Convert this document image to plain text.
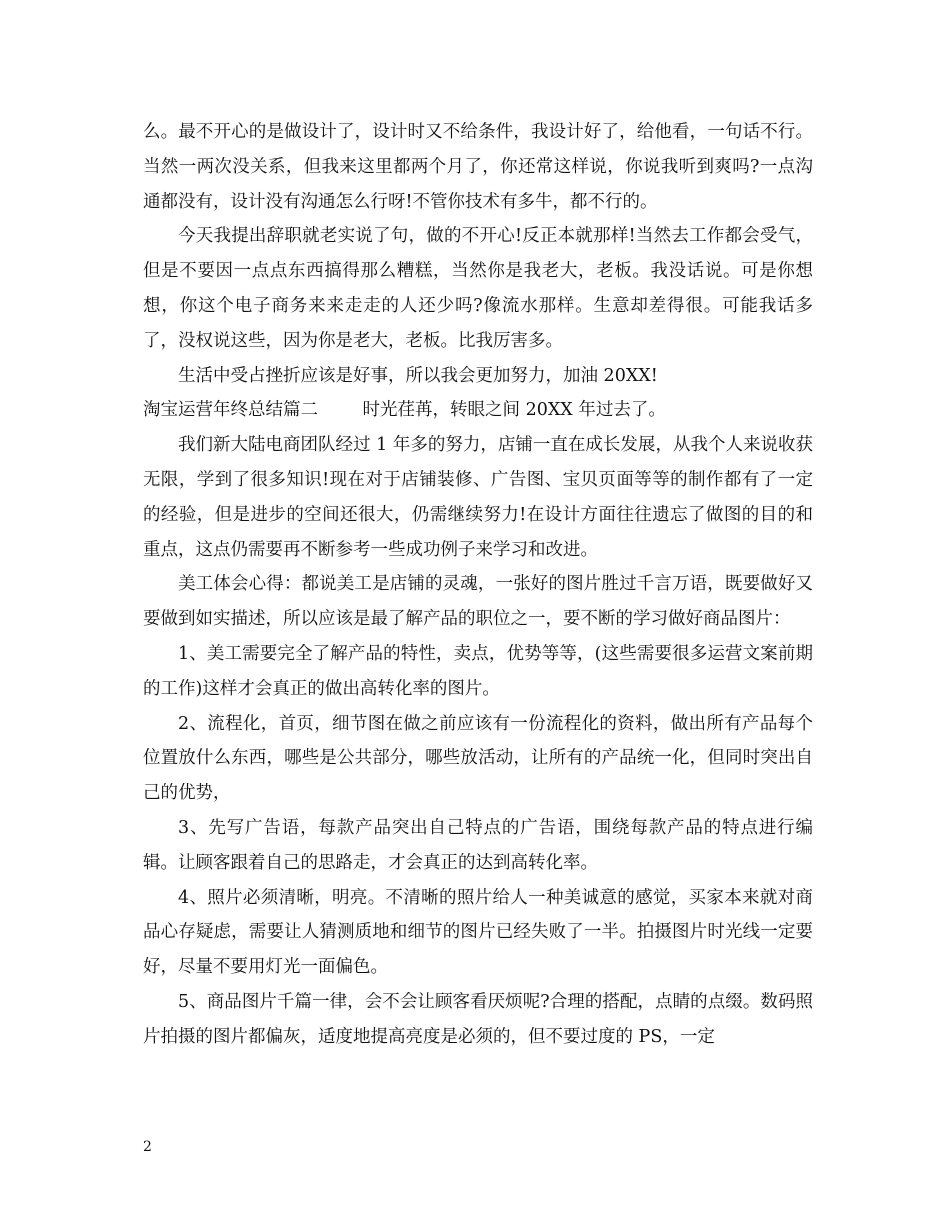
么。最不开心的是做设计了，设计时又不给条件，我设计好了，给他看，一句话不行。当然一两次没关系，但我来这里都两个月了，你还常这样说，你说我听到爽吗?一点沟通都没有，设计没有沟通怎么行呀!不管你技术有多牛，都不行的。

今天我提出辞职就老实说了句，做的不开心!反正本就那样!当然去工作都会受气，但是不要因一点点东西搞得那么糟糕，当然你是我老大，老板。我没话说。可是你想想，你这个电子商务来来走走的人还少吗?像流水那样。生意却差得很。可能我话多了，没权说这些，因为你是老大，老板。比我厉害多。

生活中受占挫折应该是好事，所以我会更加努力，加油 20XX!

淘宝运营年终总结篇二	时光荏苒，转眼之间 20XX 年过去了。

我们新大陆电商团队经过 1 年多的努力，店铺一直在成长发展，从我个人来说收获无限，学到了很多知识!现在对于店铺装修、广告图、宝贝页面等等的制作都有了一定的经验，但是进步的空间还很大，仍需继续努力!在设计方面往往遗忘了做图的目的和重点，这点仍需要再不断参考一些成功例子来学习和改进。

美工体会心得：都说美工是店铺的灵魂，一张好的图片胜过千言万语，既要做好又要做到如实描述，所以应该是最了解产品的职位之一，要不断的学习做好商品图片：

1、美工需要完全了解产品的特性，卖点，优势等等，(这些需要很多运营文案前期的工作)这样才会真正的做出高转化率的图片。

2、流程化，首页，细节图在做之前应该有一份流程化的资料，做出所有产品每个位置放什么东西，哪些是公共部分，哪些放活动，让所有的产品统一化，但同时突出自己的优势，

3、先写广告语，每款产品突出自己特点的广告语，围绕每款产品的特点进行编辑。让顾客跟着自己的思路走，才会真正的达到高转化率。

4、照片必须清晰，明亮。不清晰的照片给人一种美诚意的感觉，买家本来就对商品心存疑虑，需要让人猜测质地和细节的图片已经失败了一半。拍摄图片时光线一定要好，尽量不要用灯光一面偏色。

5、商品图片千篇一律，会不会让顾客看厌烦呢?合理的搭配，点睛的点缀。数码照片拍摄的图片都偏灰，适度地提高亮度是必须的，但不要过度的 PS，一定

2
